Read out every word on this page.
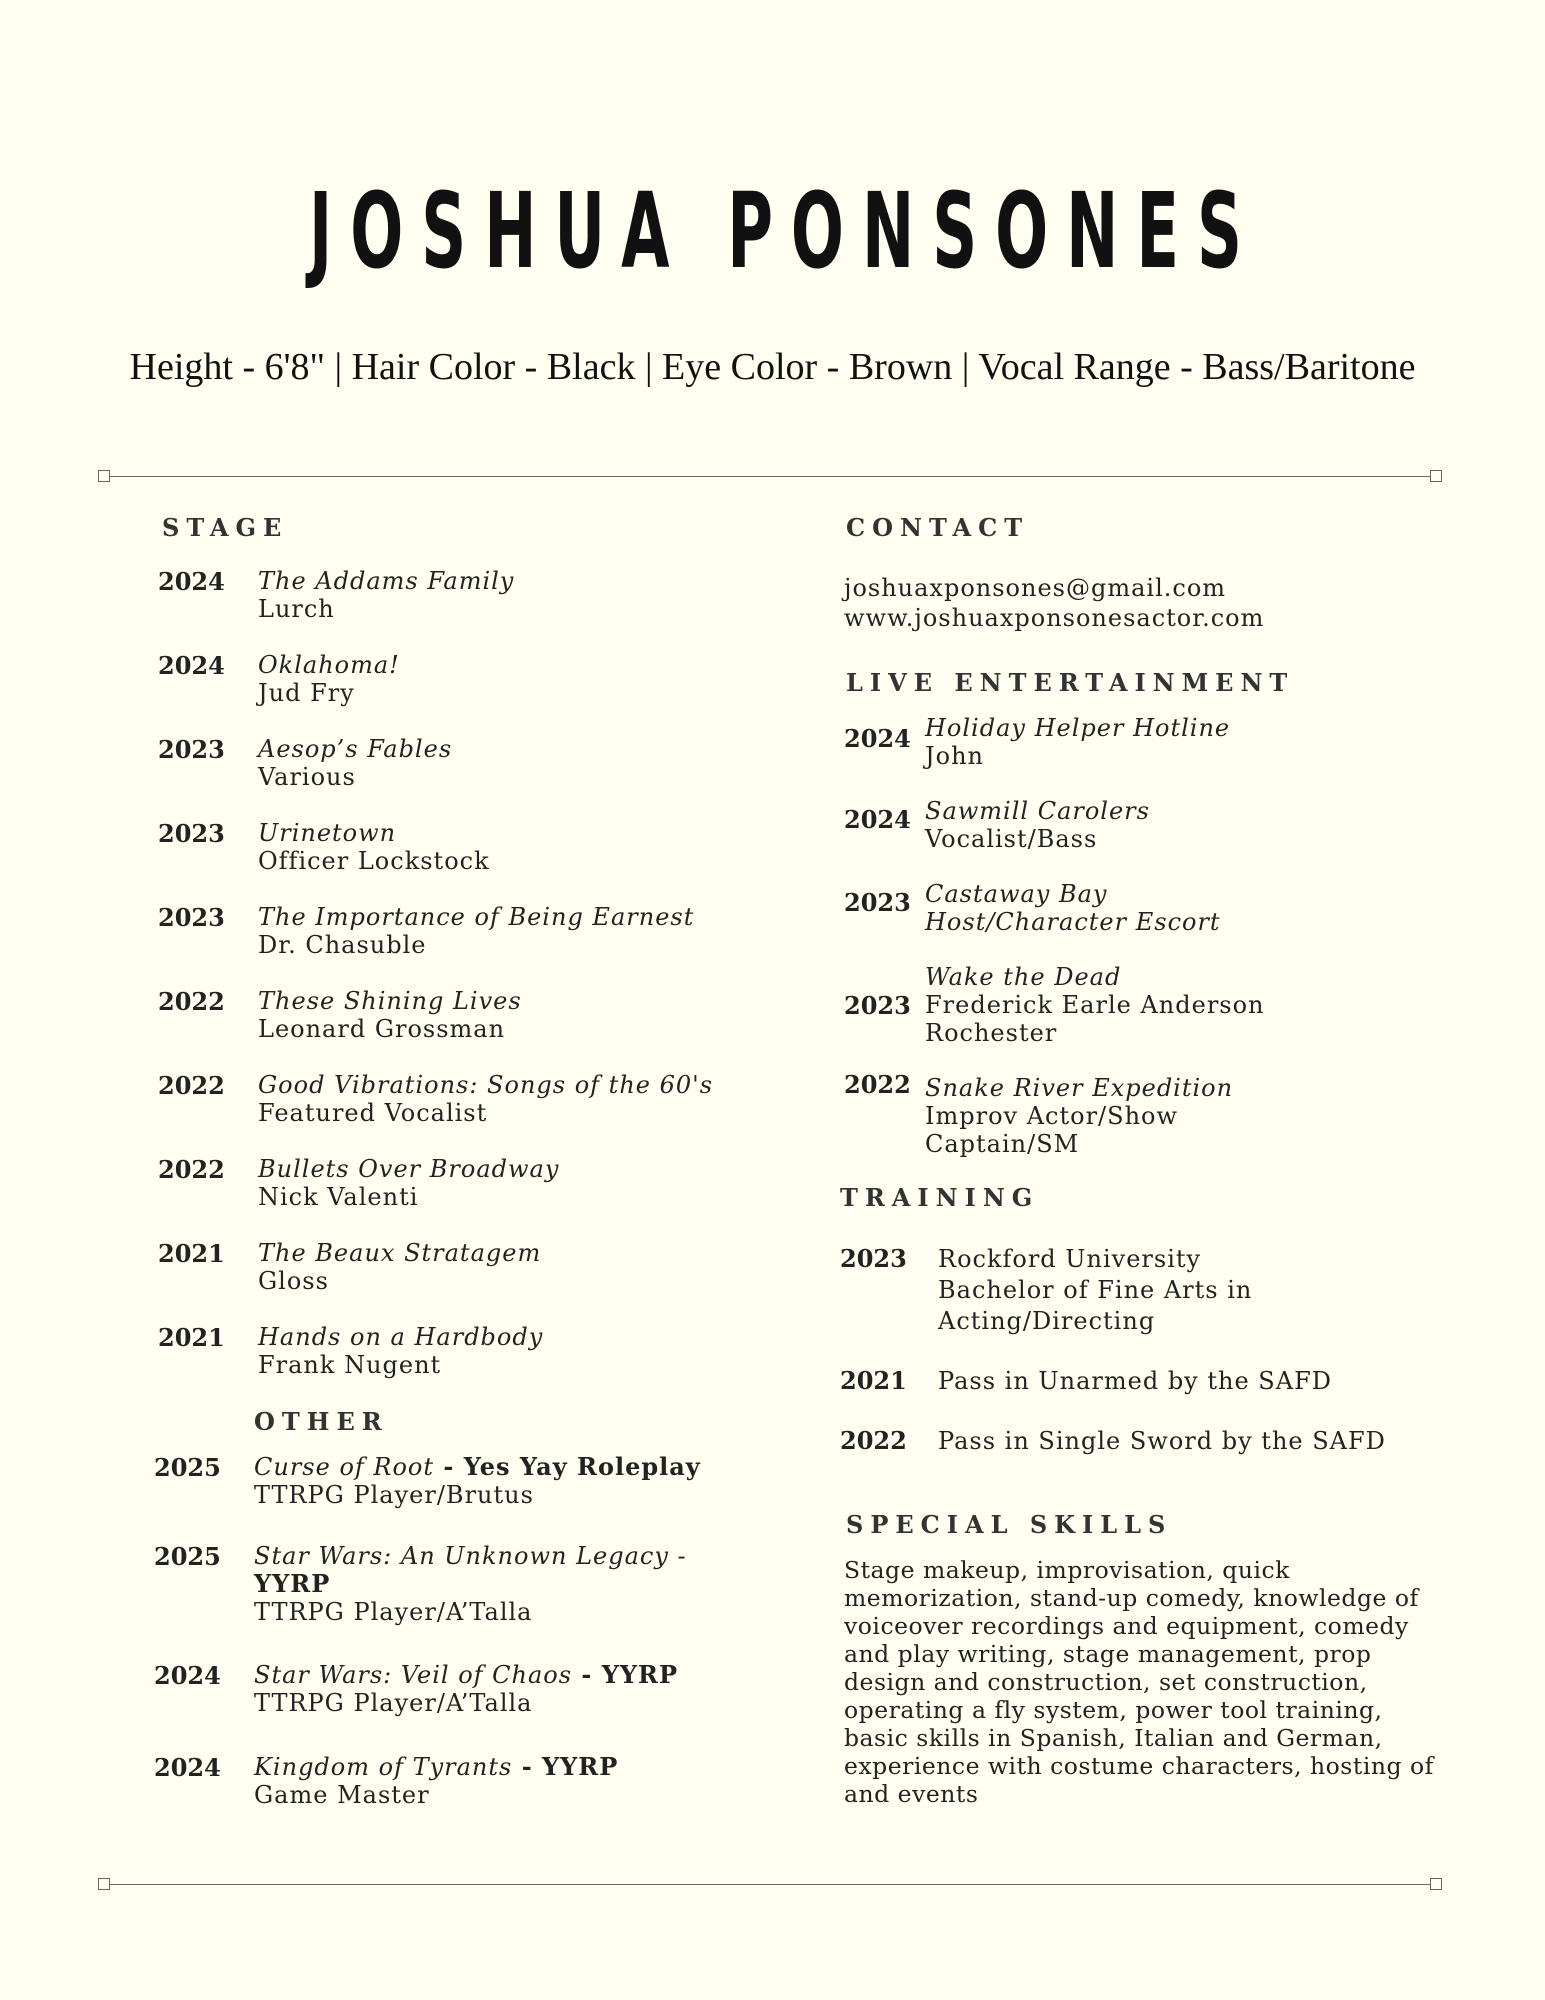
JOSHUA PONSONES

Height - 6'8" | Hair Color - Black | Eye Color - Brown | Vocal Range - Bass/Baritone

STAGE
2024 The Addams Family
Lurch
2024 Oklahoma!
Jud Fry
2023 Aesop’s Fables
Various
2023 Urinetown
Officer Lockstock
2023 The Importance of Being Earnest
Dr. Chasuble
2022 These Shining Lives
Leonard Grossman
2022 Good Vibrations: Songs of the 60's
Featured Vocalist
2022 Bullets Over Broadway
Nick Valenti
2021 The Beaux Stratagem
Gloss
2021 Hands on a Hardbody
Frank Nugent
OTHER
2025 Curse of Root - Yes Yay Roleplay
TTRPG Player/Brutus
2025 Star Wars: An Unknown Legacy -
YYRP
TTRPG Player/A’Talla
2024 Star Wars: Veil of Chaos - YYRP
TTRPG Player/A’Talla
2024 Kingdom of Tyrants - YYRP
Game Master
CONTACT

joshuaxponsones@gmail.com

www.joshuaxponsonesactor.com

LIVE ENTERTAINMENT
2024 Holiday Helper Hotline
John
2024 Sawmill Carolers
Vocalist/Bass
2023 Castaway Bay
Host/Character Escort
2023
Wake the Dead
Frederick Earle Anderson
Rochester
2022 Snake River Expedition
Improv Actor/Show
Captain/SM
TRAINING
2023 Rockford University
Bachelor of Fine Arts in
Acting/Directing
2021 Pass in Unarmed by the SAFD
2022 Pass in Single Sword by the SAFD
SPECIAL SKILLS

Stage makeup, improvisation, quick memorization, stand-up comedy, knowledge of voiceover recordings and equipment, comedy and play writing, stage management, prop design and construction, set construction, operating a fly system, power tool training, basic skills in Spanish, Italian and German, experience with costume characters, hosting of and events
